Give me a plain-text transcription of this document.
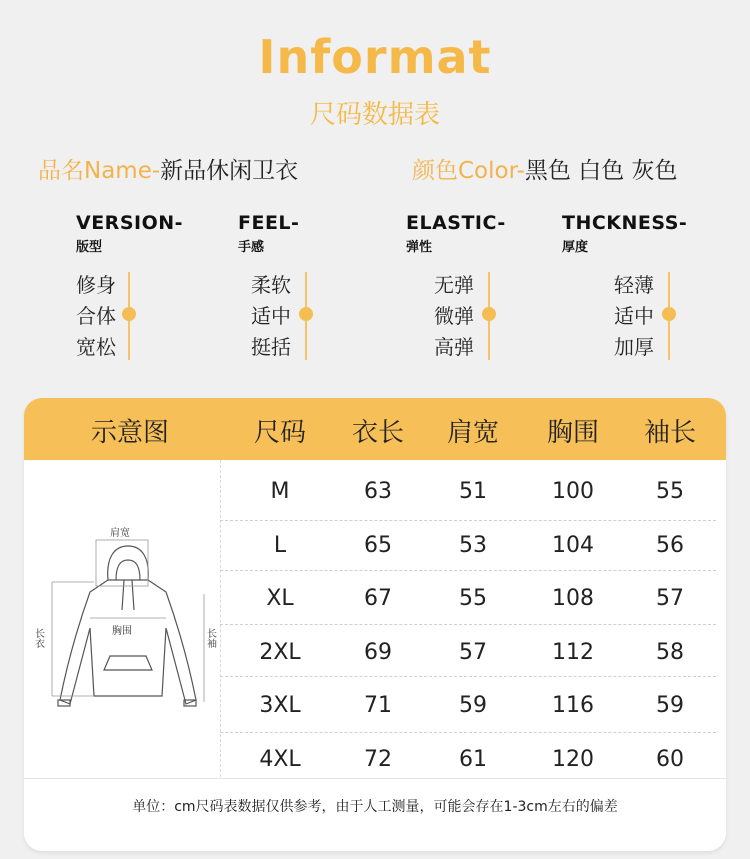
Informat
尺码数据表
品名Name-新品休闲卫衣	颜色Color-黑色 白色 灰色
VERSION-
版型
修身
合体
宽松
FEEL-
手感
柔软
适中
挺括
ELASTIC-
弹性
无弹
微弹
高弹
THCKNESS-
厚度
轻薄
适中
加厚
示意图	尺码	衣长	肩宽	胸围	袖长
肩宽
胸围
长衣	长袖
M	63	51	100	55
L	65	53	104	56
XL	67	55	108	57
2XL	69	57	112	58
3XL	71	59	116	59
4XL	72	61	120	60
单位：cm尺码表数据仅供参考，由于人工测量，可能会存在1-3cm左右的偏差
